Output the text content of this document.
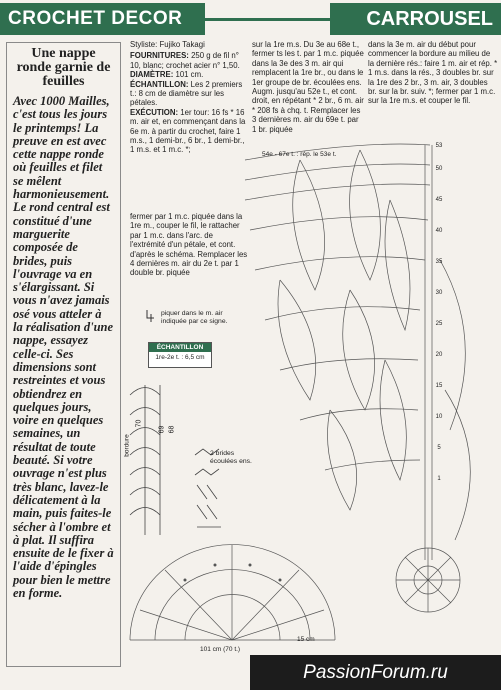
CROCHET DECOR	CARROUSEL
Une nappe ronde garnie de feuilles
Avec 1000 Mailles, c'est tous les jours le printemps! La preuve en est avec cette nappe ronde où feuilles et filet se mêlent harmonieusement. Le rond central est constitué d'une marguerite composée de brides, puis l'ouvrage va en s'élargissant. Si vous n'avez jamais osé vous atteler à la réalisation d'une nappe, essayez celle-ci. Ses dimensions sont restreintes et vous obtiendrez en quelques jours, voire en quelques semaines, un résultat de toute beauté. Si votre ouvrage n'est plus très blanc, lavez-le délicatement à la main, puis faites-le sécher à l'ombre et à plat. Il suffira ensuite de le fixer à l'aide d'épingles pour bien le mettre en forme.
Styliste: Fujiko Takagi
FOURNITURES: 250 g de fil n° 10, blanc; crochet acier n° 1,50.
DIAMÈTRE: 101 cm.
ÉCHANTILLON: Les 2 premiers t.: 8 cm de diamètre sur les pétales.
EXÉCUTION: 1er tour: 16 fs * 16 m. air et, en commençant dans la 6e m. à partir du crochet, faire 1 m.s., 1 demi-br., 6 br., 1 demi-br., 1 m.s. et 1 m.c. *;
sur la 1re m.s. Du 3e au 68e t., fermer ts les t. par 1 m.c. piquée dans la 3e des 3 m. air qui remplacent la 1re br., ou dans le 1er groupe de br. écoulées ens. Augm. jusqu'au 52e t., et cont. droit, en répétant * 2 br., 6 m. air * 208 fs à chq. t. Remplacer les 3 dernières m. air du 69e t. par 1 br. piquée
dans la 3e m. air du début pour commencer la bordure au milieu de la dernière rés.: faire 1 m. air et rép. * 1 m.s. dans la rés., 3 doubles br. sur la 1re des 2 br., 3 m. air, 3 doubles br. sur la br. suiv. *; fermer par 1 m.c. sur la 1re m.s. et couper le fil.
fermer par 1 m.c. piquée dans la 1re m., couper le fil, le rattacher par 1 m.c. dans l'arc. de l'extrémité d'un pétale, et cont. d'après le schéma. Remplacer les 4 dernières m. air du 2e t. par 1 double br. piquée
piquer dans le m. air indiquée par ce signe.
ÉCHANTILLON
1re-2e t. : 6,5 cm
70
69 68
bordure	2 brides écoulées ens.
54e - 67e t. : rép. le 53e t.
53
50
45
40
35
30
25
20
15
10
5
1
15 cm
101 cm (70 t.)
PassionForum.ru
